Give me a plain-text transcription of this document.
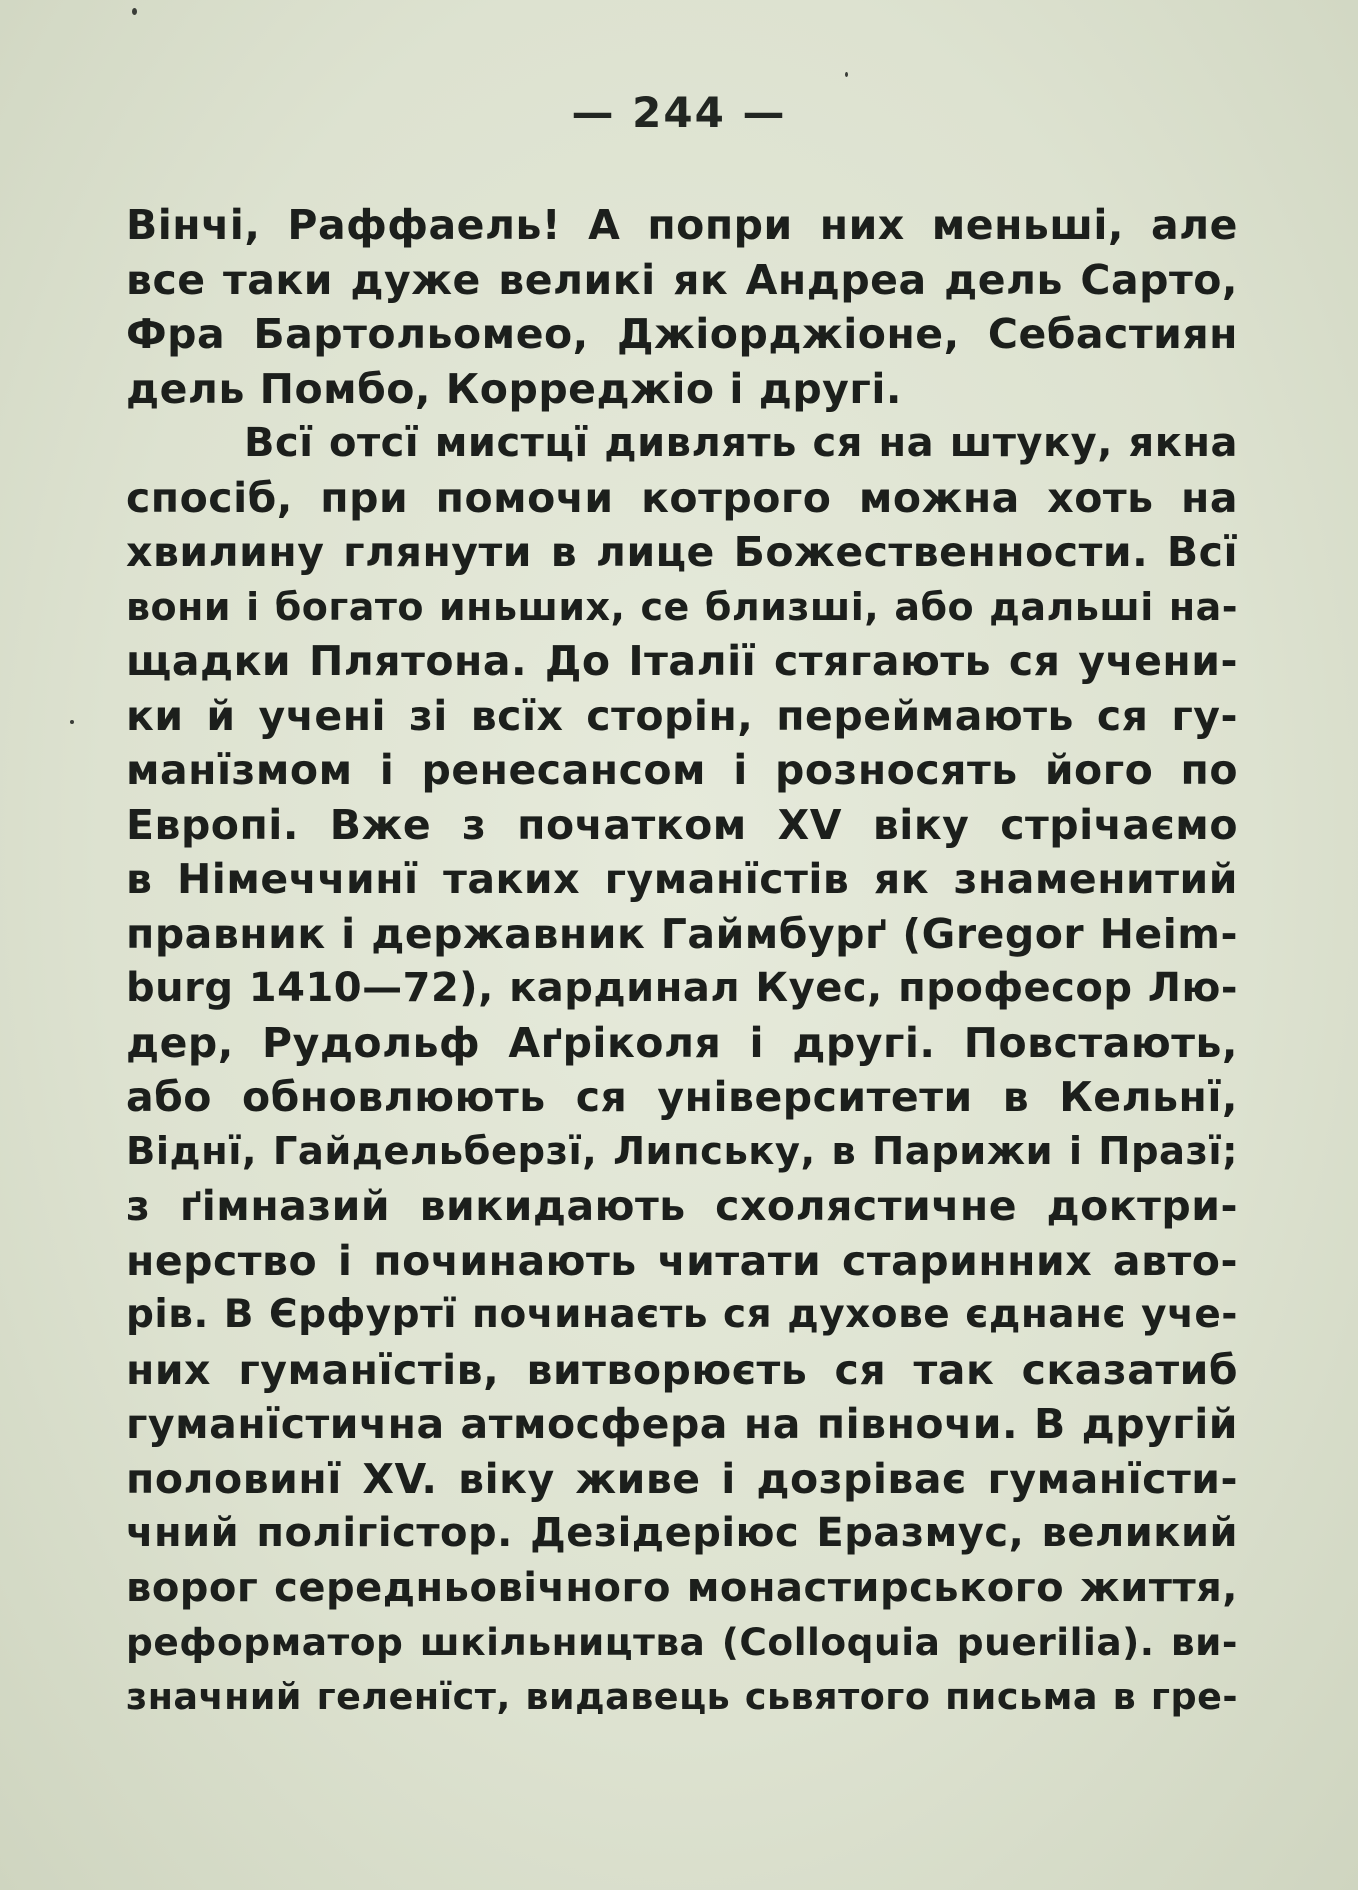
— 244 —
Вінчі, Раффаель! А попри них меньші, але
все таки дуже великі як Андреа дель Сарто,
Фра Бартольомео, Джіорджіоне, Себастиян
дель Помбо, Корреджіо і другі.
Всї отсї мистцї дивлять ся на штуку, якна
спосіб, при помочи котрого можна хоть на
хвилину глянути в лице Божественности. Всї
вони і богато иньших, се близші, або дальші на-
щадки Плятона. До Італії стягають ся учени-
ки й учені зі всїх сторін, переймають ся гу-
манїзмом і ренесансом і розносять його по
Европі. Вже з початком XV віку стрічаємо
в Німеччинї таких гуманїстів як знаменитий
правник і державник Гаймбурґ (Gregor Heim-
burg 1410—72), кардинал Куес, професор Лю-
дер, Рудольф Аґріколя і другі. Повстають,
або обновлюють ся університети в Кельнї,
Віднї, Гайдельберзї, Липську, в Парижи і Празї;
з ґімназий викидають схолястичне доктри-
нерство і починають читати старинних авто-
рів. В Єрфуртї починаєть ся духове єднанє уче-
них гуманїстів, витворюєть ся так сказатиб
гуманїстична атмосфера на півночи. В другій
половинї XV. віку живе і дозріває гуманїсти-
чний полігістор. Дезідеріюс Еразмус, великий
ворог середньовічного монастирського життя,
реформатор шкільництва (Colloquia puerilia). ви-
значний геленїст, видавець сьвятого письма в гре-
